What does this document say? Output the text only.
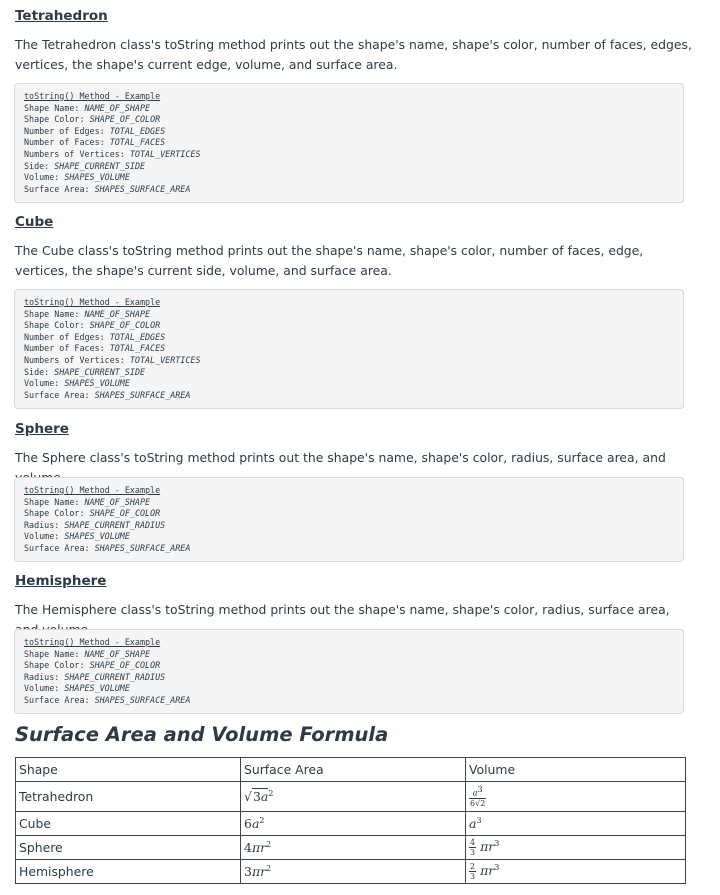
Tetrahedron

The Tetrahedron class's toString method prints out the shape's name, shape's color, number of faces, edges, vertices, the shape's current edge, volume, and surface area.

toString() Method - Example
Shape Name: NAME_OF_SHAPE
Shape Color: SHAPE_OF_COLOR
Number of Edges: TOTAL_EDGES
Number of Faces: TOTAL_FACES
Numbers of Vertices: TOTAL_VERTICES
Side: SHAPE_CURRENT_SIDE
Volume: SHAPES_VOLUME
Surface Area: SHAPES_SURFACE_AREA
Cube

The Cube class's toString method prints out the shape's name, shape's color, number of faces, edge, vertices, the shape's current side, volume, and surface area.

toString() Method - Example
Shape Name: NAME_OF_SHAPE
Shape Color: SHAPE_OF_COLOR
Number of Edges: TOTAL_EDGES
Number of Faces: TOTAL_FACES
Numbers of Vertices: TOTAL_VERTICES
Side: SHAPE_CURRENT_SIDE
Volume: SHAPES_VOLUME
Surface Area: SHAPES_SURFACE_AREA
Sphere

The Sphere class's toString method prints out the shape's name, shape's color, radius, surface area, and

toString() Method - Example
Shape Name: NAME_OF_SHAPE
Shape Color: SHAPE_OF_COLOR
Radius: SHAPE_CURRENT_RADIUS
Volume: SHAPES_VOLUME
Surface Area: SHAPES_SURFACE_AREA
Hemisphere

The Hemisphere class's toString method prints out the shape's name, shape's color, radius, surface area,

toString() Method - Example
Shape Name: NAME_OF_SHAPE
Shape Color: SHAPE_OF_COLOR
Radius: SHAPE_CURRENT_RADIUS
Volume: SHAPES_VOLUME
Surface Area: SHAPES_SURFACE_AREA
Surface Area and Volume Formula
Shape	Surface Area	Volume
Tetrahedron	$√3a^2$	$\frac{a^3}{6√2}$

Cube	$6a^2$	$a^3$
Sphere	$4\pi r^2$	$\frac{4}{3} \pi r^3$
Hemisphere	$3\pi r^2$	$\frac{2}{3} \pi r^3$
